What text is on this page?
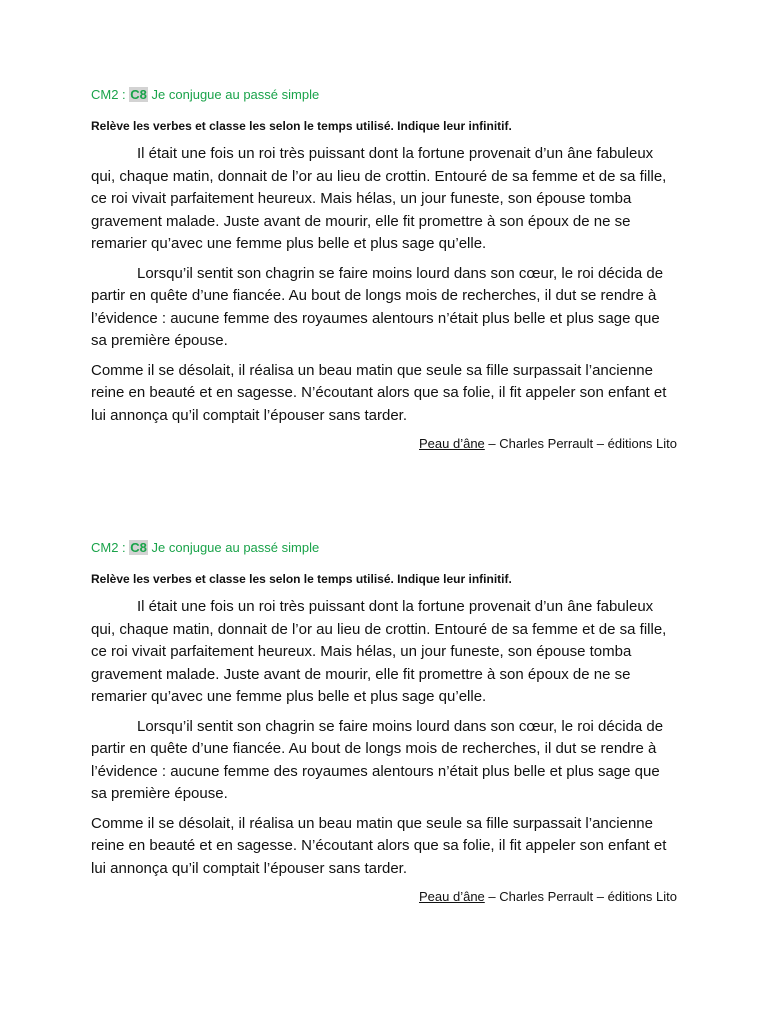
CM2 : C8 Je conjugue au passé simple

Relève les verbes et classe les selon le temps utilisé. Indique leur infinitif.

Il était une fois un roi très puissant dont la fortune provenait d’un âne fabuleux qui, chaque matin, donnait de l’or au lieu de crottin. Entouré de sa femme et de sa fille, ce roi vivait parfaitement heureux. Mais hélas, un jour funeste, son épouse tomba gravement malade. Juste avant de mourir, elle fit promettre à son époux de ne se remarier qu’avec une femme plus belle et plus sage qu’elle.

Lorsqu’il sentit son chagrin se faire moins lourd dans son cœur, le roi décida de partir en quête d’une fiancée. Au bout de longs mois de recherches, il dut se rendre à l’évidence : aucune femme des royaumes alentours n’était plus belle et plus sage que sa première épouse.

Comme il se désolait, il réalisa un beau matin que seule sa fille surpassait l’ancienne reine en beauté et en sagesse. N’écoutant alors que sa folie, il fit appeler son enfant et lui annonça qu’il comptait l’épouser sans tarder.

Peau d’âne – Charles Perrault – éditions Lito

CM2 : C8 Je conjugue au passé simple

Relève les verbes et classe les selon le temps utilisé. Indique leur infinitif.

Il était une fois un roi très puissant dont la fortune provenait d’un âne fabuleux qui, chaque matin, donnait de l’or au lieu de crottin. Entouré de sa femme et de sa fille, ce roi vivait parfaitement heureux. Mais hélas, un jour funeste, son épouse tomba gravement malade. Juste avant de mourir, elle fit promettre à son époux de ne se remarier qu’avec une femme plus belle et plus sage qu’elle.

Lorsqu’il sentit son chagrin se faire moins lourd dans son cœur, le roi décida de partir en quête d’une fiancée. Au bout de longs mois de recherches, il dut se rendre à l’évidence : aucune femme des royaumes alentours n’était plus belle et plus sage que sa première épouse.

Comme il se désolait, il réalisa un beau matin que seule sa fille surpassait l’ancienne reine en beauté et en sagesse. N’écoutant alors que sa folie, il fit appeler son enfant et lui annonça qu’il comptait l’épouser sans tarder.

Peau d’âne – Charles Perrault – éditions Lito
